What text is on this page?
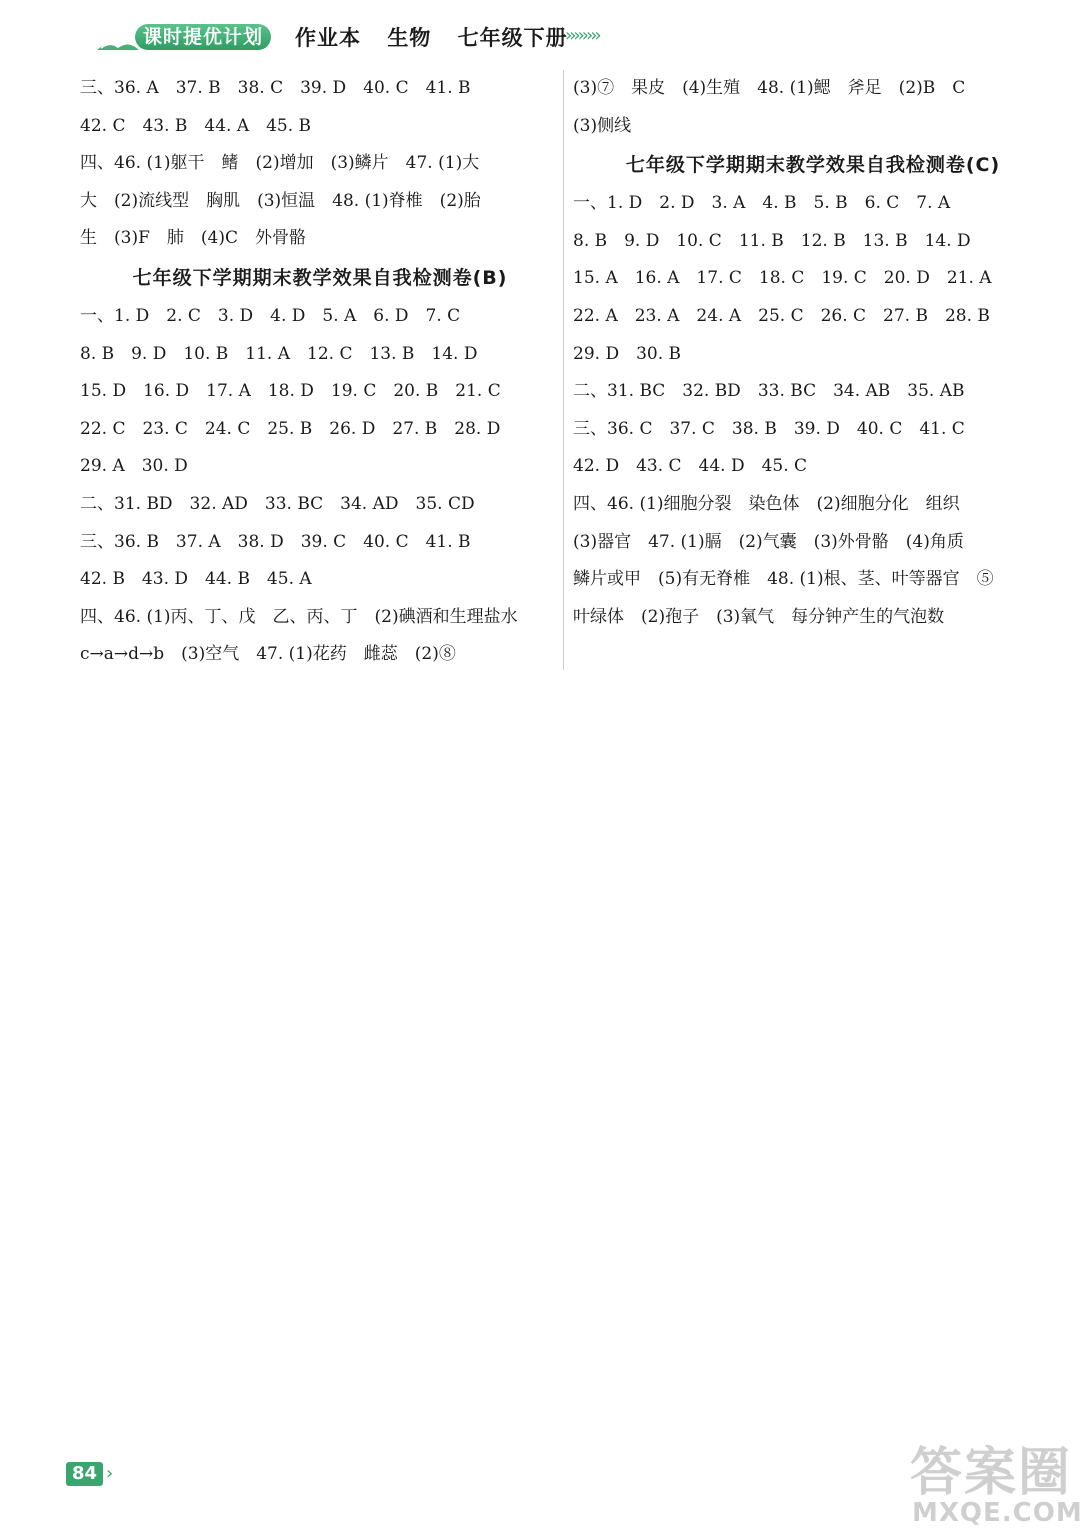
课时提优计划	作业本 生物 七年级下册
››››››››
三、36. A　37. B　38. C　39. D　40. C　41. B
42. C　43. B　44. A　45. B
四、46. (1)躯干　鳍　(2)增加　(3)鳞片　47. (1)大
大　(2)流线型　胸肌　(3)恒温　48. (1)脊椎　(2)胎
生　(3)F　肺　(4)C　外骨骼
七年级下学期期末教学效果自我检测卷(B)
一、1. D　2. C　3. D　4. D　5. A　6. D　7. C
8. B　9. D　10. B　11. A　12. C　13. B　14. D
15. D　16. D　17. A　18. D　19. C　20. B　21. C
22. C　23. C　24. C　25. B　26. D　27. B　28. D
29. A　30. D
二、31. BD　32. AD　33. BC　34. AD　35. CD
三、36. B　37. A　38. D　39. C　40. C　41. B
42. B　43. D　44. B　45. A
四、46. (1)丙、丁、戊　乙、丙、丁　(2)碘酒和生理盐水
c→a→d→b　(3)空气　47. (1)花药　雌蕊　(2)⑧
(3)⑦　果皮　(4)生殖　48. (1)鳃　斧足　(2)B　C
(3)侧线
七年级下学期期末教学效果自我检测卷(C)
一、1. D　2. D　3. A　4. B　5. B　6. C　7. A
8. B　9. D　10. C　11. B　12. B　13. B　14. D
15. A　16. A　17. C　18. C　19. C　20. D　21. A
22. A　23. A　24. A　25. C　26. C　27. B　28. B
29. D　30. B
二、31. BC　32. BD　33. BC　34. AB　35. AB
三、36. C　37. C　38. B　39. D　40. C　41. C
42. D　43. C　44. D　45. C
四、46. (1)细胞分裂　染色体　(2)细胞分化　组织
(3)器官　47. (1)膈　(2)气囊　(3)外骨骼　(4)角质
鳞片或甲　(5)有无脊椎　48. (1)根、茎、叶等器官　⑤
叶绿体　(2)孢子　(3)氧气　每分钟产生的气泡数
84 ›	答案圈
MXQE.COM
